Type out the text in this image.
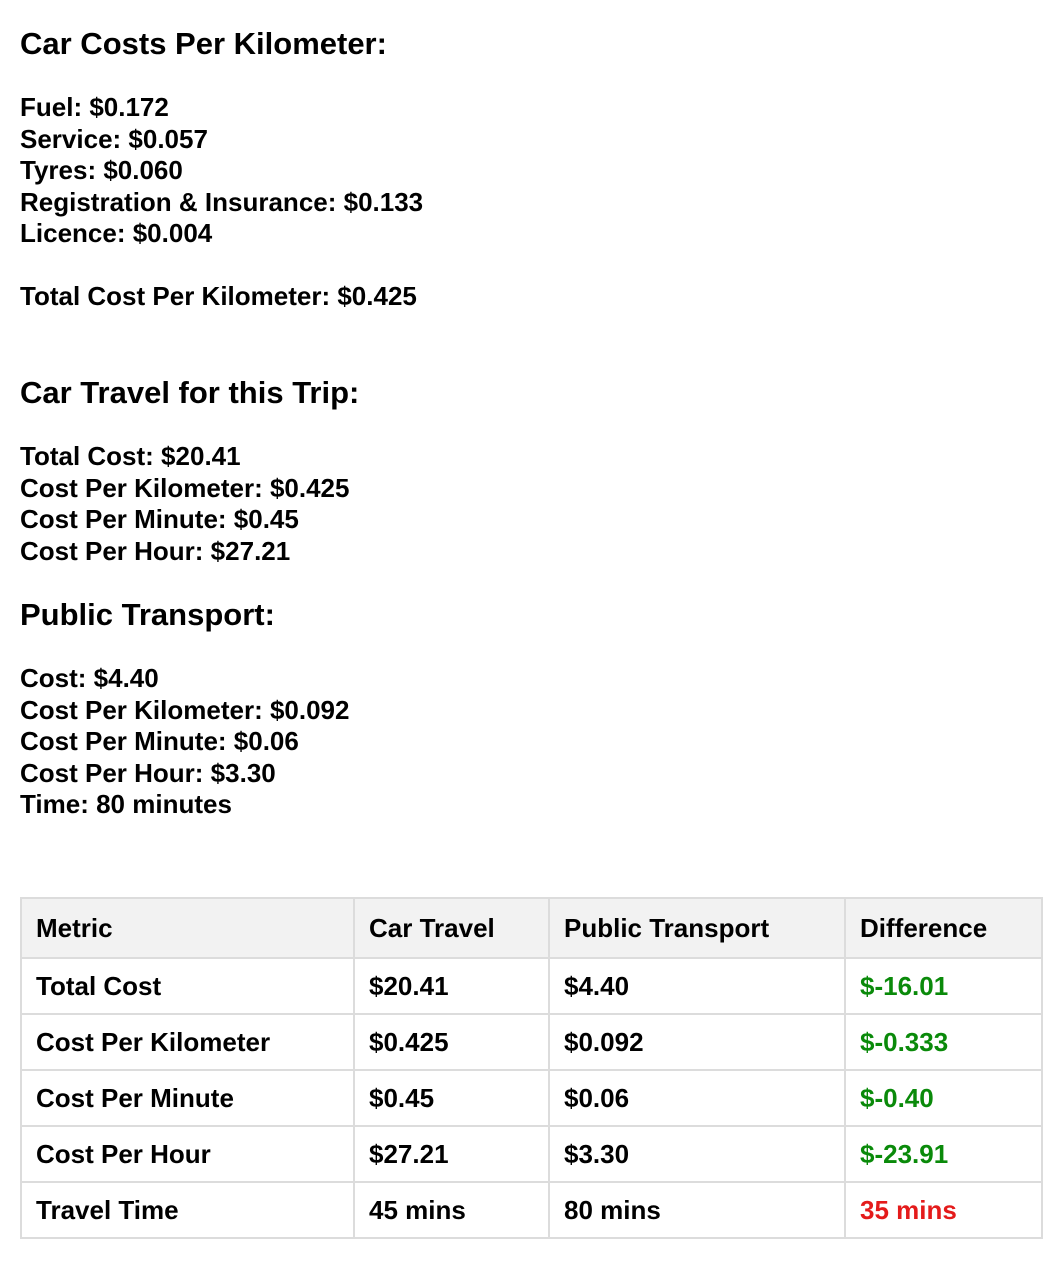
Car Costs Per Kilometer:
Fuel: $0.172
Service: $0.057
Tyres: $0.060
Registration & Insurance: $0.133
Licence: $0.004
Total Cost Per Kilometer: $0.425
Car Travel for this Trip:
Total Cost: $20.41
Cost Per Kilometer: $0.425
Cost Per Minute: $0.45
Cost Per Hour: $27.21
Public Transport:
Cost: $4.40
Cost Per Kilometer: $0.092
Cost Per Minute: $0.06
Cost Per Hour: $3.30
Time: 80 minutes
Metric	Car Travel	Public Transport	Difference
Total Cost	$20.41	$4.40	$-16.01
Cost Per Kilometer	$0.425	$0.092	$-0.333
Cost Per Minute	$0.45	$0.06	$-0.40
Cost Per Hour	$27.21	$3.30	$-23.91
Travel Time	45 mins	80 mins	35 mins
